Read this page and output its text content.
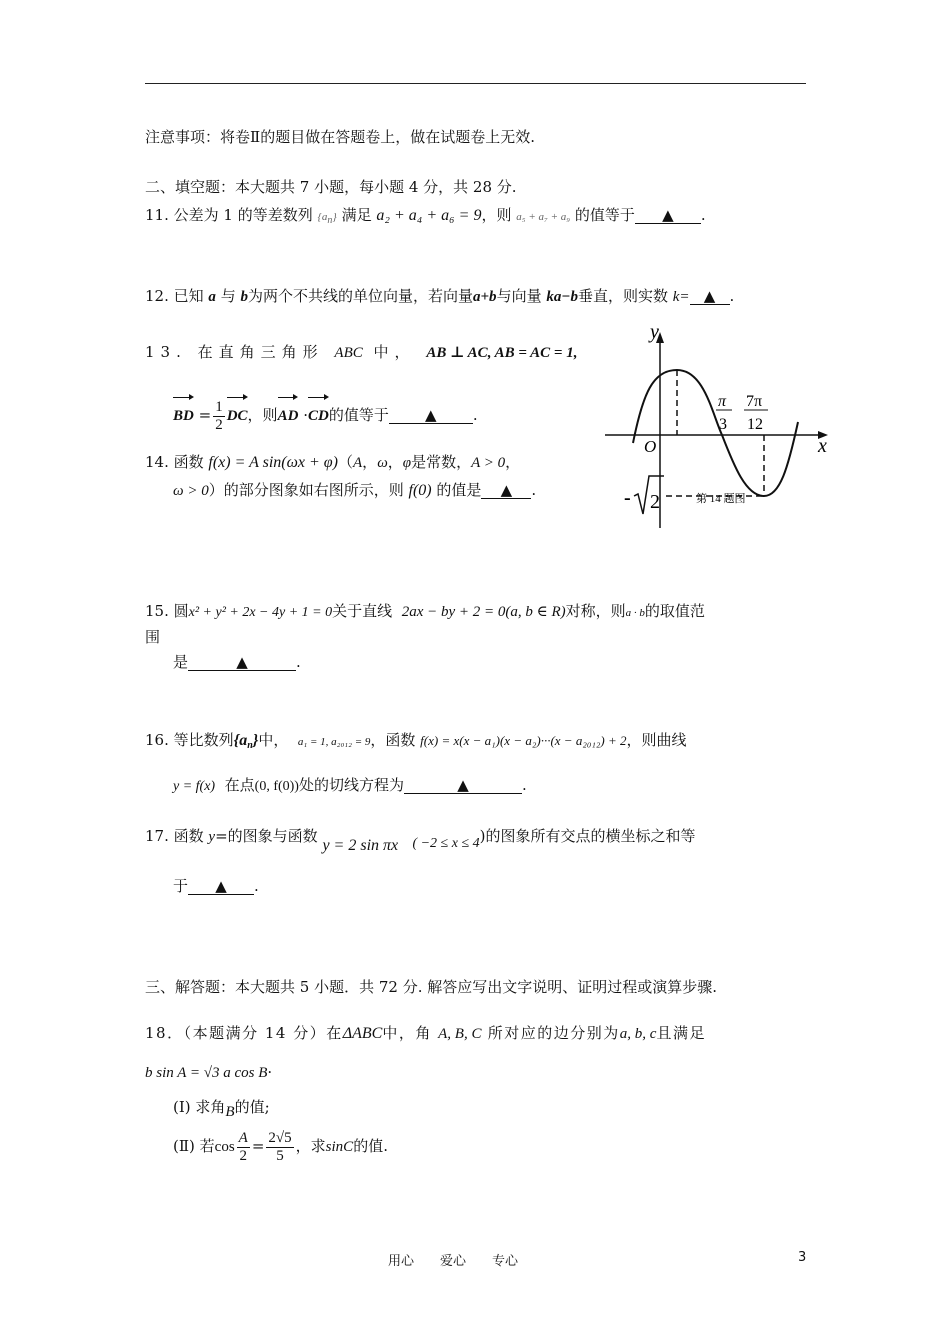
注意事项：将卷Ⅱ的题目做在答题卷上，做在试题卷上无效.
二、填空题：本大题共 7 小题，每小题 4 分，共 28 分.
11. 公差为 1 的等差数列 {an} 满足 a₂ + a₄ + a₆ = 9，则 a₅ + a₇ + a₉ 的值等于 ▲ .
12. 已知 a 与 b为两个不共线的单位向量，若向量a+b与向量 ka−b垂直，则实数 k= ▲ .
13. 在直角三角形 ABC 中， AB ⊥ AC, AB = AC = 1,
BD = $\frac{1}{2}$ DC，则AD ·CD的值等于 ▲ .
14. 函数 f(x) = A sin(ωx + φ)（A，ω，φ是常数，A > 0，
ω > 0）的部分图象如右图所示，则 f(0) 的值是 ▲ .
y
x
O
π
3
7π
12
- 2	第 14 题图
15. 圆x² + y² + 2x − 4y + 1 = 0关于直线 2ax − by + 2 = 0(a, b ∈ R)对称，则a · b的取值范
围
是	▲	.
16. 等比数列$\{a_n\}$中， a₁ = 1, a₂₀₁₂ = 9，函数 f(x) = x(x − a₁)(x − a₂)···(x − a₂₀₁₂) + 2，则曲线
y = f(x) 在点(0, f(0))处的切线方程为	▲	.
17. 函数 y=的图象与函数 y = 2 sin πx ( −2 ≤ x ≤ 4)的图象所有交点的横坐标之和等
于 ▲ .
三、解答题：本大题共 5 小题．共 72 分. 解答应写出文字说明、证明过程或演算步骤.
18．（本题满分 14 分）在ΔABC中，角 A, B, C 所对应的边分别为a, b, c且满足
b sin A = √3 a cos B·
(Ⅰ) 求角B的值;
(Ⅱ) 若$\cos \frac{A}{2} = \frac{2√5}{5}$ ，求sinC的值.
用心　　爱心　　专心	3
